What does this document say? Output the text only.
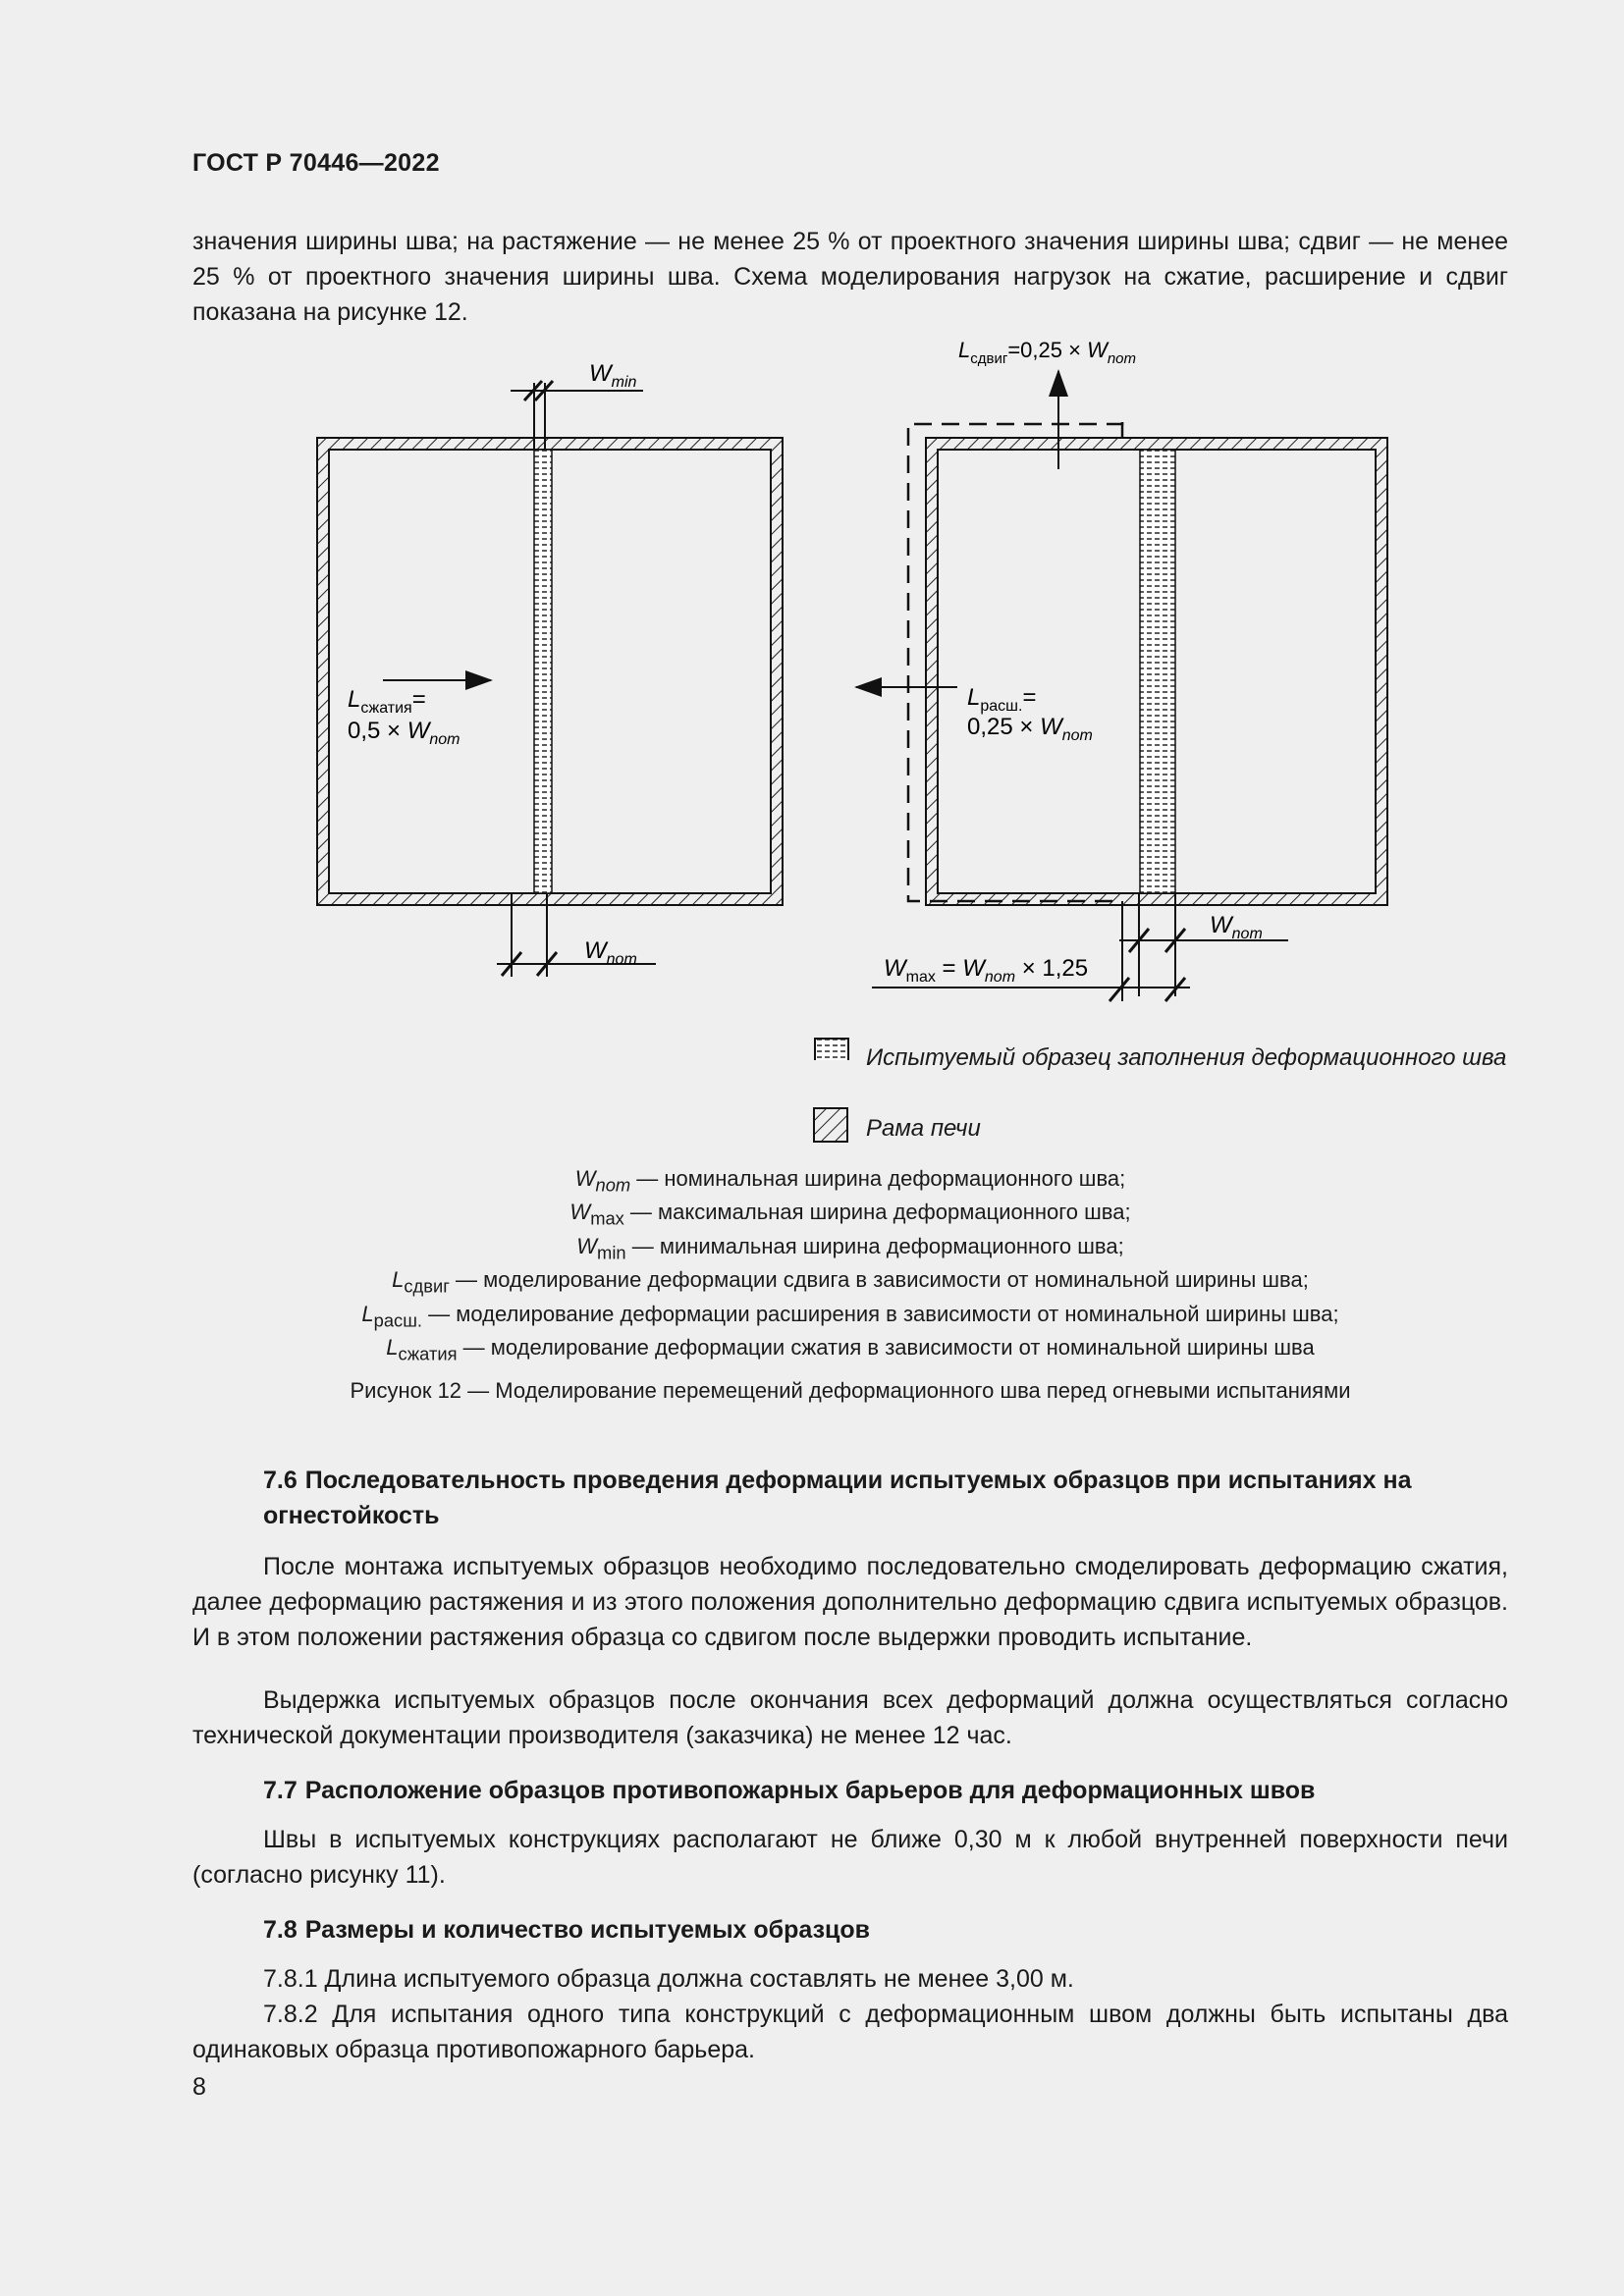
ГОСТ Р 70446—2022
значения ширины шва; на растяжение — не менее 25 % от проектного значения ширины шва; сдвиг — не менее 25 % от проектного значения ширины шва. Схема моделирования нагрузок на сжатие, расширение и сдвиг показана на рисунке 12.
$W_{min}$
$W_{nom}$
$L_{сжатия}=$
$0,5 \times W_{nom}$
$L_{сдвиг}=0,25 \times W_{nom}$
$L_{расш.}=$
$0,25 \times W_{nom}$
$W_{nom}$
$W_{max} = W_{nom} \times 1,25$
Испытуемый образец заполнения деформационного шва
Рама печи
$W_{nom}$ — номинальная ширина деформационного шва;
$W_{max}$ — максимальная ширина деформационного шва;
$W_{min}$ — минимальная ширина деформационного шва;
$L_{сдвиг}$ — моделирование деформации сдвига в зависимости от номинальной ширины шва;
$L_{расш.}$ — моделирование деформации расширения в зависимости от номинальной ширины шва;
$L_{сжатия}$ — моделирование деформации сжатия в зависимости от номинальной ширины шва
Рисунок 12 — Моделирование перемещений деформационного шва перед огневыми испытаниями
7.6 Последовательность проведения деформации испытуемых образцов при испытаниях на огнестойкость
После монтажа испытуемых образцов необходимо последовательно смоделировать деформацию сжатия, далее деформацию растяжения и из этого положения дополнительно деформацию сдвига испытуемых образцов. И в этом положении растяжения образца со сдвигом после выдержки проводить испытание.
Выдержка испытуемых образцов после окончания всех деформаций должна осуществляться согласно технической документации производителя (заказчика) не менее 12 час.
7.7 Расположение образцов противопожарных барьеров для деформационных швов
Швы в испытуемых конструкциях располагают не ближе 0,30 м к любой внутренней поверхности печи (согласно рисунку 11).
7.8 Размеры и количество испытуемых образцов
7.8.1 Длина испытуемого образца должна составлять не менее 3,00 м.
7.8.2 Для испытания одного типа конструкций с деформационным швом должны быть испытаны два одинаковых образца противопожарного барьера.
8
